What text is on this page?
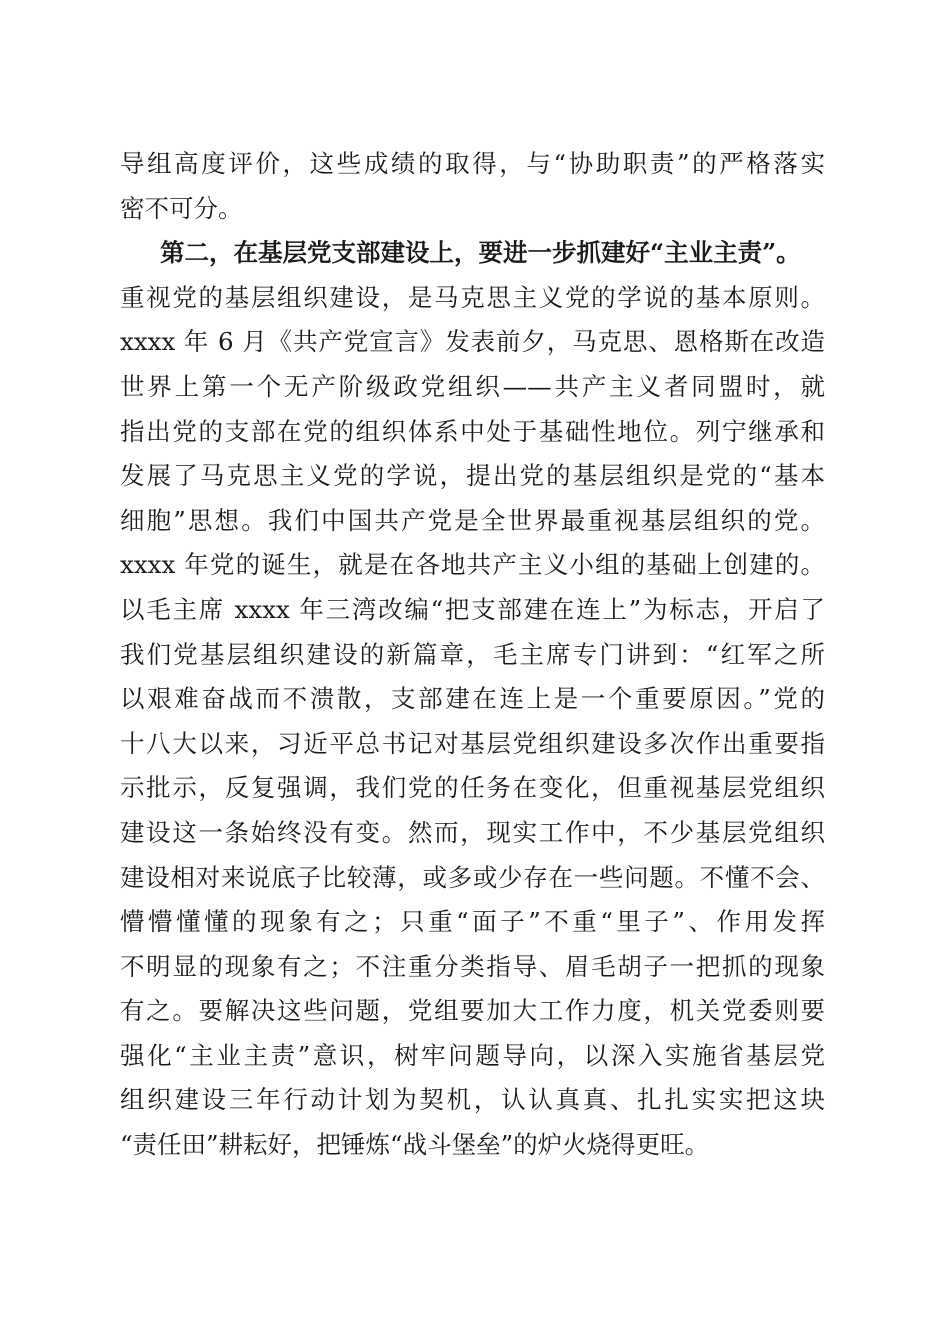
导组高度评价，这些成绩的取得，与“协助职责”的严格落实
密不可分。
第二，在基层党支部建设上，要进一步抓建好“主业主责”。
重视党的基层组织建设，是马克思主义党的学说的基本原则。
xxxx 年 6 月《共产党宣言》发表前夕，马克思、恩格斯在改造
世界上第一个无产阶级政党组织——共产主义者同盟时，就
指出党的支部在党的组织体系中处于基础性地位。列宁继承和
发展了马克思主义党的学说，提出党的基层组织是党的“基本
细胞”思想。我们中国共产党是全世界最重视基层组织的党。
xxxx 年党的诞生，就是在各地共产主义小组的基础上创建的。
以毛主席 xxxx 年三湾改编“把支部建在连上”为标志，开启了
我们党基层组织建设的新篇章，毛主席专门讲到：“红军之所
以艰难奋战而不溃散，支部建在连上是一个重要原因。”党的
十八大以来，习近平总书记对基层党组织建设多次作出重要指
示批示，反复强调，我们党的任务在变化，但重视基层党组织
建设这一条始终没有变。然而，现实工作中，不少基层党组织
建设相对来说底子比较薄，或多或少存在一些问题。不懂不会、
懵懵懂懂的现象有之；只重“面子”不重“里子”、作用发挥
不明显的现象有之；不注重分类指导、眉毛胡子一把抓的现象
有之。要解决这些问题，党组要加大工作力度，机关党委则要
强化“主业主责”意识，树牢问题导向，以深入实施省基层党
组织建设三年行动计划为契机，认认真真、扎扎实实把这块
“责任田”耕耘好，把锤炼“战斗堡垒”的炉火烧得更旺。
